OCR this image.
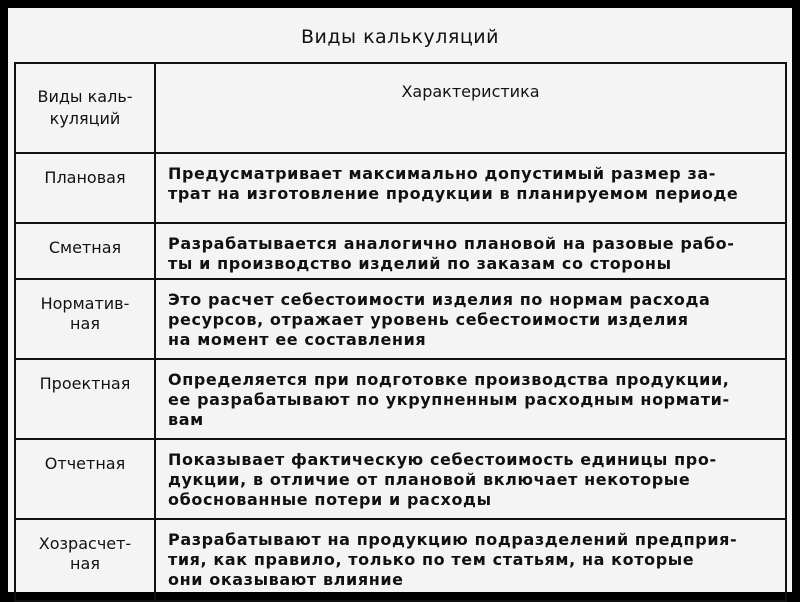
Виды калькуляций
Виды каль-
куляций	Характеристика
Плановая	Предусматривает максимально допустимый размер за-
трат на изготовление продукции в планируемом периоде
Сметная	Разрабатывается аналогично плановой на разовые рабо-
ты и производство изделий по заказам со стороны
Норматив-
ная	Это расчет себестоимости изделия по нормам расхода
ресурсов, отражает уровень себестоимости изделия
на момент ее составления
Проектная	Определяется при подготовке производства продукции,
ее разрабатывают по укрупненным расходным нормати-
вам
Отчетная	Показывает фактическую себестоимость единицы про-
дукции, в отличие от плановой включает некоторые
обоснованные потери и расходы
Хозрасчет-
ная	Разрабатывают на продукцию подразделений предприя-
тия, как правило, только по тем статьям, на которые
они оказывают влияние
